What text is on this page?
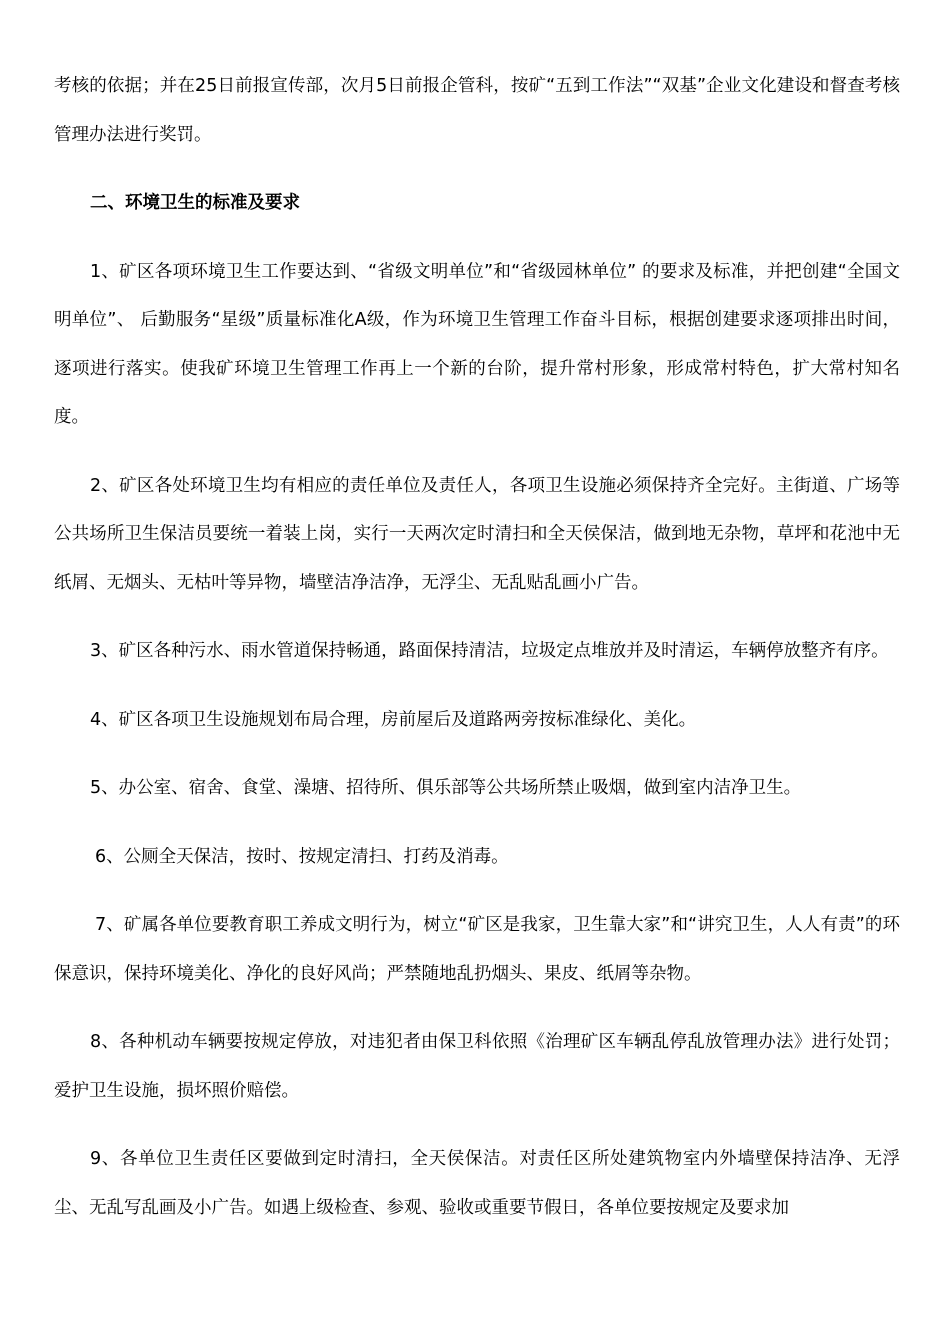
考核的依据；并在25日前报宣传部，次月5日前报企管科，按矿“五到工作法”“双基”企业文化建设和督查考核管理办法进行奖罚。

二、环境卫生的标准及要求

1、矿区各项环境卫生工作要达到、“省级文明单位”和“省级园林单位” 的要求及标准，并把创建“全国文明单位”、 后勤服务“星级”质量标准化A级，作为环境卫生管理工作奋斗目标，根据创建要求逐项排出时间，逐项进行落实。使我矿环境卫生管理工作再上一个新的台阶，提升常村形象，形成常村特色，扩大常村知名度。

2、矿区各处环境卫生均有相应的责任单位及责任人，各项卫生设施必须保持齐全完好。主街道、广场等公共场所卫生保洁员要统一着装上岗，实行一天两次定时清扫和全天侯保洁，做到地无杂物，草坪和花池中无纸屑、无烟头、无枯叶等异物，墙壁洁净洁净，无浮尘、无乱贴乱画小广告。

3、矿区各种污水、雨水管道保持畅通，路面保持清洁，垃圾定点堆放并及时清运，车辆停放整齐有序。

4、矿区各项卫生设施规划布局合理，房前屋后及道路两旁按标准绿化、美化。

5、办公室、宿舍、食堂、澡塘、招待所、俱乐部等公共场所禁止吸烟，做到室内洁净卫生。

6、公厕全天保洁，按时、按规定清扫、打药及消毒。

7、矿属各单位要教育职工养成文明行为，树立“矿区是我家，卫生靠大家”和“讲究卫生，人人有责”的环保意识，保持环境美化、净化的良好风尚；严禁随地乱扔烟头、果皮、纸屑等杂物。

8、各种机动车辆要按规定停放，对违犯者由保卫科依照《治理矿区车辆乱停乱放管理办法》进行处罚；爱护卫生设施，损坏照价赔偿。

9、各单位卫生责任区要做到定时清扫，全天侯保洁。对责任区所处建筑物室内外墙壁保持洁净、无浮尘、无乱写乱画及小广告。如遇上级检查、参观、验收或重要节假日，各单位要按规定及要求加
